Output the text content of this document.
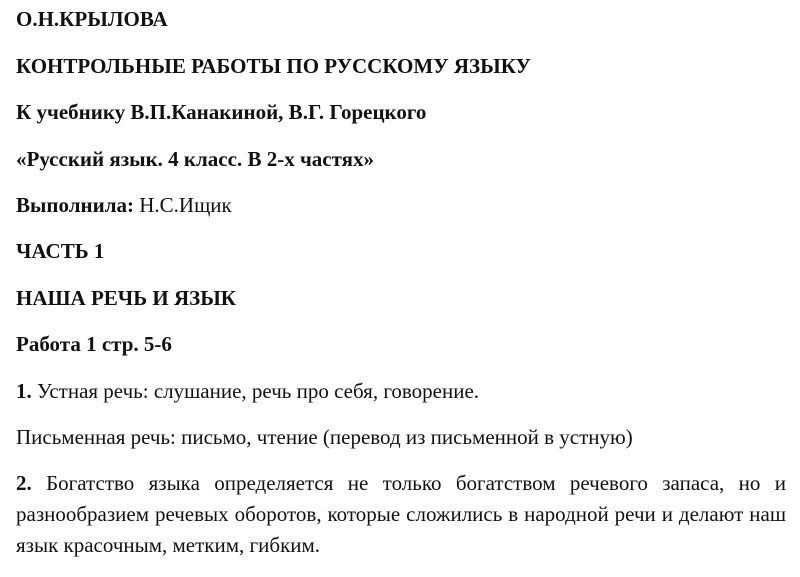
О.Н.КРЫЛОВА
КОНТРОЛЬНЫЕ РАБОТЫ ПО РУССКОМУ ЯЗЫКУ
К учебнику В.П.Канакиной, В.Г. Горецкого
«Русский язык. 4 класс. В 2-х частях»
Выполнила: Н.С.Ищик
ЧАСТЬ 1
НАША РЕЧЬ И ЯЗЫК
Работа 1 стр. 5-6
1. Устная речь: слушание, речь про себя, говорение.
Письменная речь: письмо, чтение (перевод из письменной в устную)
2. Богатство языка определяется не только богатством речевого запаса, но и разнообразием речевых оборотов, которые сложились в народной речи и делают наш язык красочным, метким, гибким.
